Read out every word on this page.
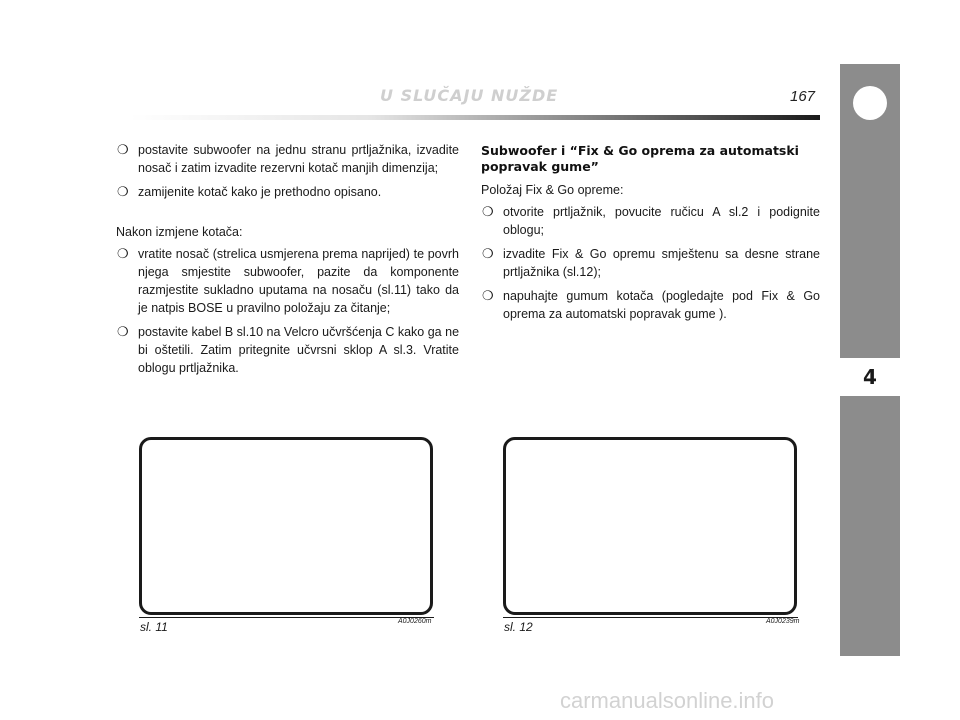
U SLUČAJU NUŽDE	167
4
❍ postavite subwoofer na jednu stranu prtljažnika, izvadite nosač i zatim izvadite rezervni kotač manjih dimenzija;
❍ zamijenite kotač kako je prethodno opisano.

Nakon izmjene kotača:

❍ vratite nosač (strelica usmjerena prema naprijed) te povrh njega smjestite subwoofer, pazite da komponente razmjestite sukladno uputama na nosaču (sl.11) tako da je natpis BOSE u pravilno položaju za čitanje;
❍ postavite kabel B sl.10 na Velcro učvršćenja C kako ga ne bi oštetili. Zatim pritegnite učvrsni sklop A sl.3. Vratite oblogu prtljažnika.
Subwoofer i “Fix & Go oprema za automatski popravak gume”

Položaj Fix & Go opreme:

❍ otvorite prtljažnik, povucite ručicu A sl.2 i podignite oblogu;
❍ izvadite Fix & Go opremu smještenu sa desne strane prtljažnika (sl.12);
❍ napuhajte gumum kotača (pogledajte pod Fix & Go oprema za automatski popravak gume ).
sl. 11	A0J0260m	sl. 12	A0J0239m
carmanualsonline.info
